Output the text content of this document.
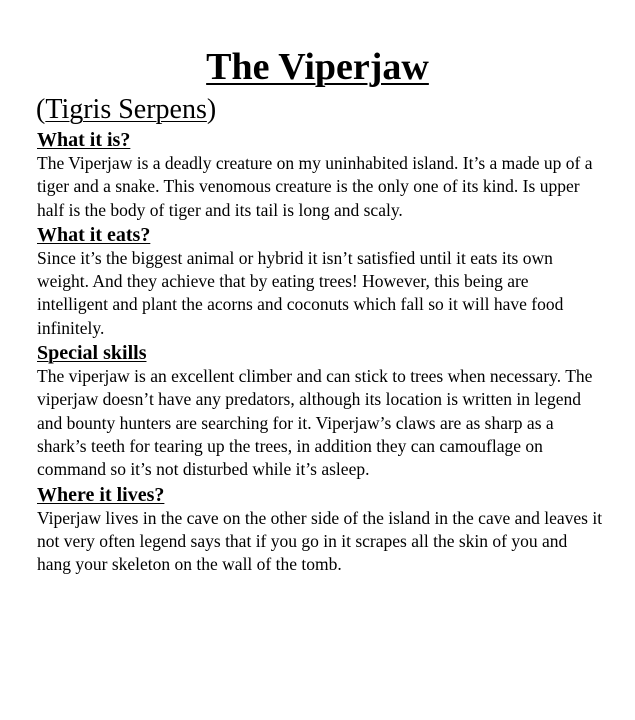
The Viperjaw

(Tigris Serpens)

What it is?

The Viperjaw is a deadly creature on my uninhabited island. It’s a made up of a tiger and a snake. This venomous creature is the only one of its kind. Is upper half is the body of tiger and its tail is long and scaly.

What it eats?

Since it’s the biggest animal or hybrid it isn’t satisfied until it eats its own weight. And they achieve that by eating trees! However, this being are intelligent and plant the acorns and coconuts which fall so it will have food infinitely.

Special skills

The viperjaw is an excellent climber and can stick to trees when necessary. The viperjaw doesn’t have any predators, although its location is written in legend and bounty hunters are searching for it. Viperjaw’s claws are as sharp as a shark’s teeth for tearing up the trees, in addition they can camouflage on command so it’s not disturbed while it’s asleep.

Where it lives?

Viperjaw lives in the cave on the other side of the island in the cave and leaves it not very often legend says that if you go in it scrapes all the skin of you and hang your skeleton on the wall of the tomb.
